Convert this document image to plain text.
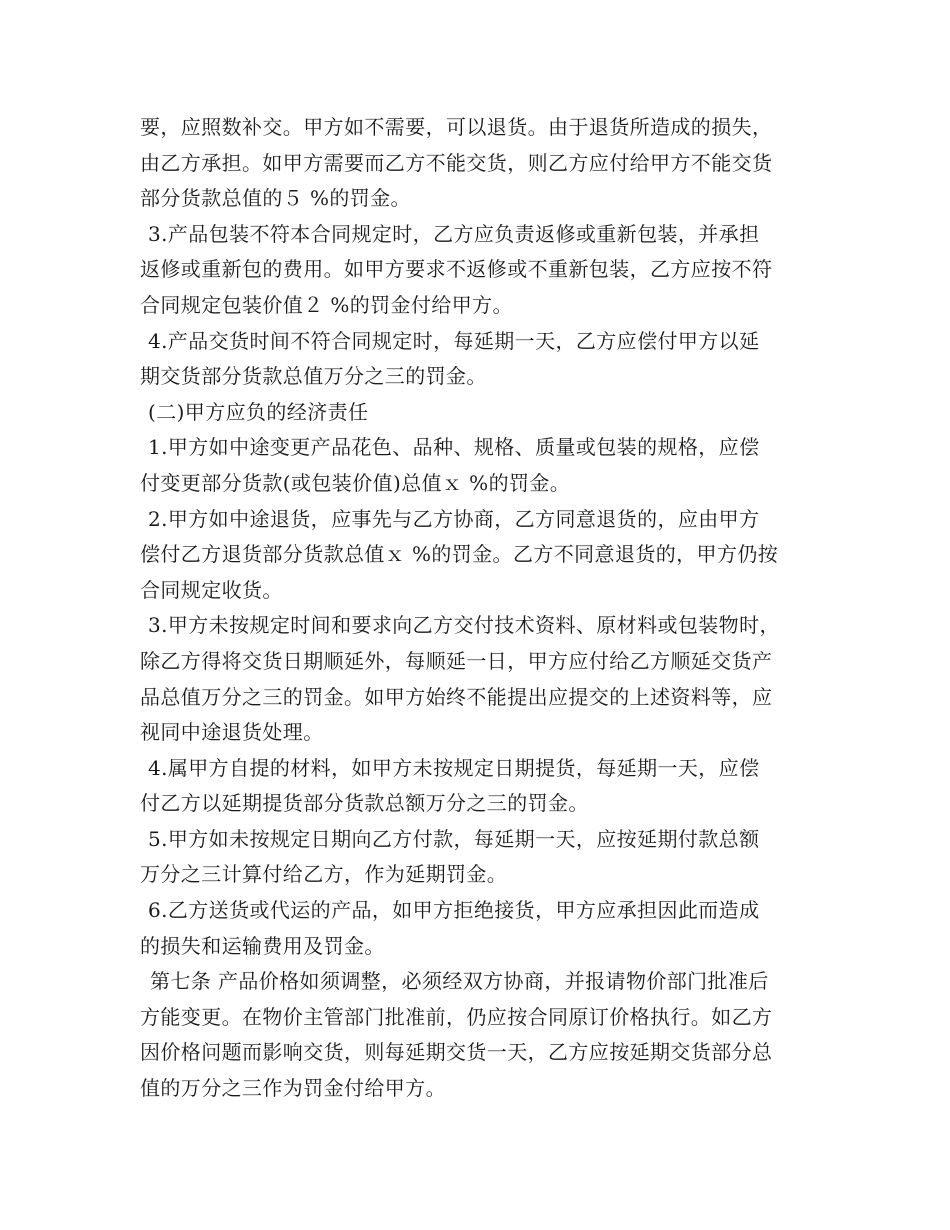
要，应照数补交。甲方如不需要，可以退货。由于退货所造成的损失，
由乙方承担。如甲方需要而乙方不能交货，则乙方应付给甲方不能交货
部分货款总值的５ %的罚金。
3.产品包装不符本合同规定时，乙方应负责返修或重新包装，并承担
返修或重新包的费用。如甲方要求不返修或不重新包装，乙方应按不符
合同规定包装价值２ %的罚金付给甲方。
4.产品交货时间不符合同规定时，每延期一天，乙方应偿付甲方以延
期交货部分货款总值万分之三的罚金。
(二)甲方应负的经济责任
1.甲方如中途变更产品花色、品种、规格、质量或包装的规格，应偿
付变更部分货款(或包装价值)总值ｘ %的罚金。
2.甲方如中途退货，应事先与乙方协商，乙方同意退货的，应由甲方
偿付乙方退货部分货款总值ｘ %的罚金。乙方不同意退货的，甲方仍按
合同规定收货。
3.甲方未按规定时间和要求向乙方交付技术资料、原材料或包装物时，
除乙方得将交货日期顺延外，每顺延一日，甲方应付给乙方顺延交货产
品总值万分之三的罚金。如甲方始终不能提出应提交的上述资料等，应
视同中途退货处理。
4.属甲方自提的材料，如甲方未按规定日期提货，每延期一天，应偿
付乙方以延期提货部分货款总额万分之三的罚金。
5.甲方如未按规定日期向乙方付款，每延期一天，应按延期付款总额
万分之三计算付给乙方，作为延期罚金。
6.乙方送货或代运的产品，如甲方拒绝接货，甲方应承担因此而造成
的损失和运输费用及罚金。
第七条 产品价格如须调整，必须经双方协商，并报请物价部门批准后
方能变更。在物价主管部门批准前，仍应按合同原订价格执行。如乙方
因价格问题而影响交货，则每延期交货一天，乙方应按延期交货部分总
值的万分之三作为罚金付给甲方。
